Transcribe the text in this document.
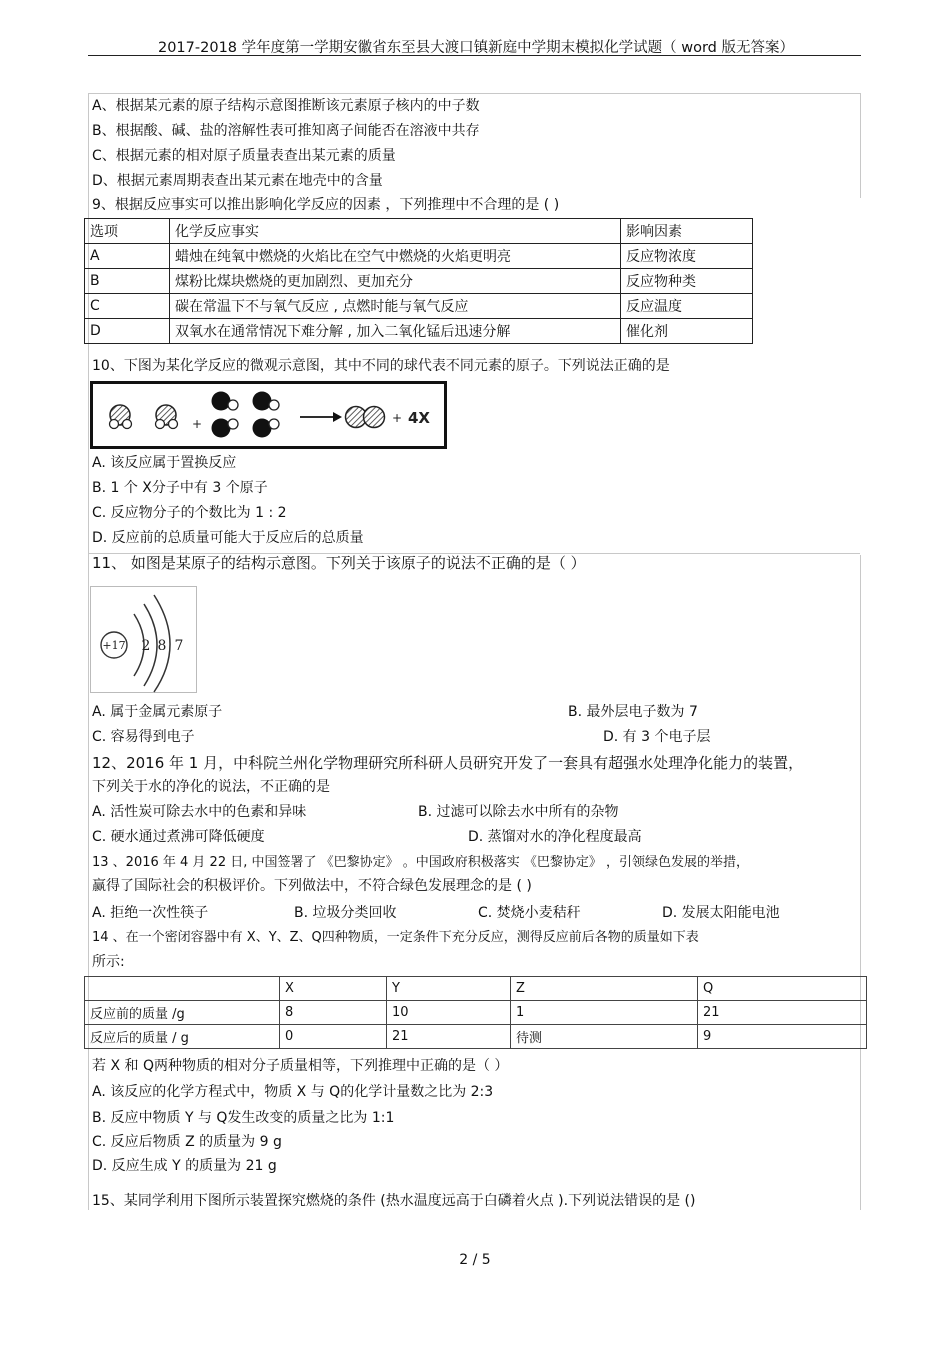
2017-2018 学年度第一学期安徽省东至县大渡口镇新庭中学期末模拟化学试题（ word 版无答案）
A、根据某元素的原子结构示意图推断该元素原子核内的中子数
B、根据酸、碱、盐的溶解性表可推知离子间能否在溶液中共存
C、根据元素的相对原子质量表查出某元素的质量
D、根据元素周期表查出某元素在地壳中的含量
9、根据反应事实可以推出影响化学反应的因素 ，下列推理中不合理的是 ( )
选项	化学反应事实	影响因素
A	蜡烛在纯氧中燃烧的火焰比在空气中燃烧的火焰更明亮	反应物浓度
B	煤粉比煤块燃烧的更加剧烈、更加充分	反应物种类
C	碳在常温下不与氧气反应 , 点燃时能与氧气反应	反应温度
D	双氧水在通常情况下难分解 , 加入二氧化锰后迅速分解	催化剂
10、下图为某化学反应的微观示意图，其中不同的球代表不同元素的原子。下列说法正确的是
+	+ 4X
A. 该反应属于置换反应
B. 1 个 X分子中有 3 个原子
C. 反应物分子的个数比为 1 : 2
D. 反应前的总质量可能大于反应后的总质量
11、 如图是某原子的结构示意图。下列关于该原子的说法不正确的是（ ）
+17 2 8 7
A. 属于金属元素原子	B. 最外层电子数为 7
C. 容易得到电子	D. 有 3 个电子层
12、2016 年 1 月，中科院兰州化学物理研究所科研人员研究开发了一套具有超强水处理净化能力的装置，
下列关于水的净化的说法，不正确的是
A. 活性炭可除去水中的色素和异味	B. 过滤可以除去水中所有的杂物
C. 硬水通过煮沸可降低硬度	D. 蒸馏对水的净化程度最高
13 、2016 年 4 月 22 日, 中国签署了 《巴黎协定》 。中国政府积极落实 《巴黎协定》 ，引领绿色发展的举措，
赢得了国际社会的积极评价。下列做法中，不符合绿色发展理念的是 ( )
A. 拒绝一次性筷子	B. 垃圾分类回收	C. 焚烧小麦秸秆	D. 发展太阳能电池
14 、在一个密闭容器中有 X、Y、Z、Q四种物质，一定条件下充分反应，测得反应前后各物的质量如下表
所示:
	X	Y	Z	Q
反应前的质量 /g	8	10	1	21
反应后的质量 / g	0	21	待测	9
若 X 和 Q两种物质的相对分子质量相等，下列推理中正确的是（ ）
A. 该反应的化学方程式中，物质 X 与 Q的化学计量数之比为 2:3
B. 反应中物质 Y 与 Q发生改变的质量之比为 1:1
C. 反应后物质 Z 的质量为 9 g
D. 反应生成 Y 的质量为 21 g
15、某同学利用下图所示装置探究燃烧的条件 (热水温度远高于白磷着火点 ).下列说法错误的是 ()
2 / 5
